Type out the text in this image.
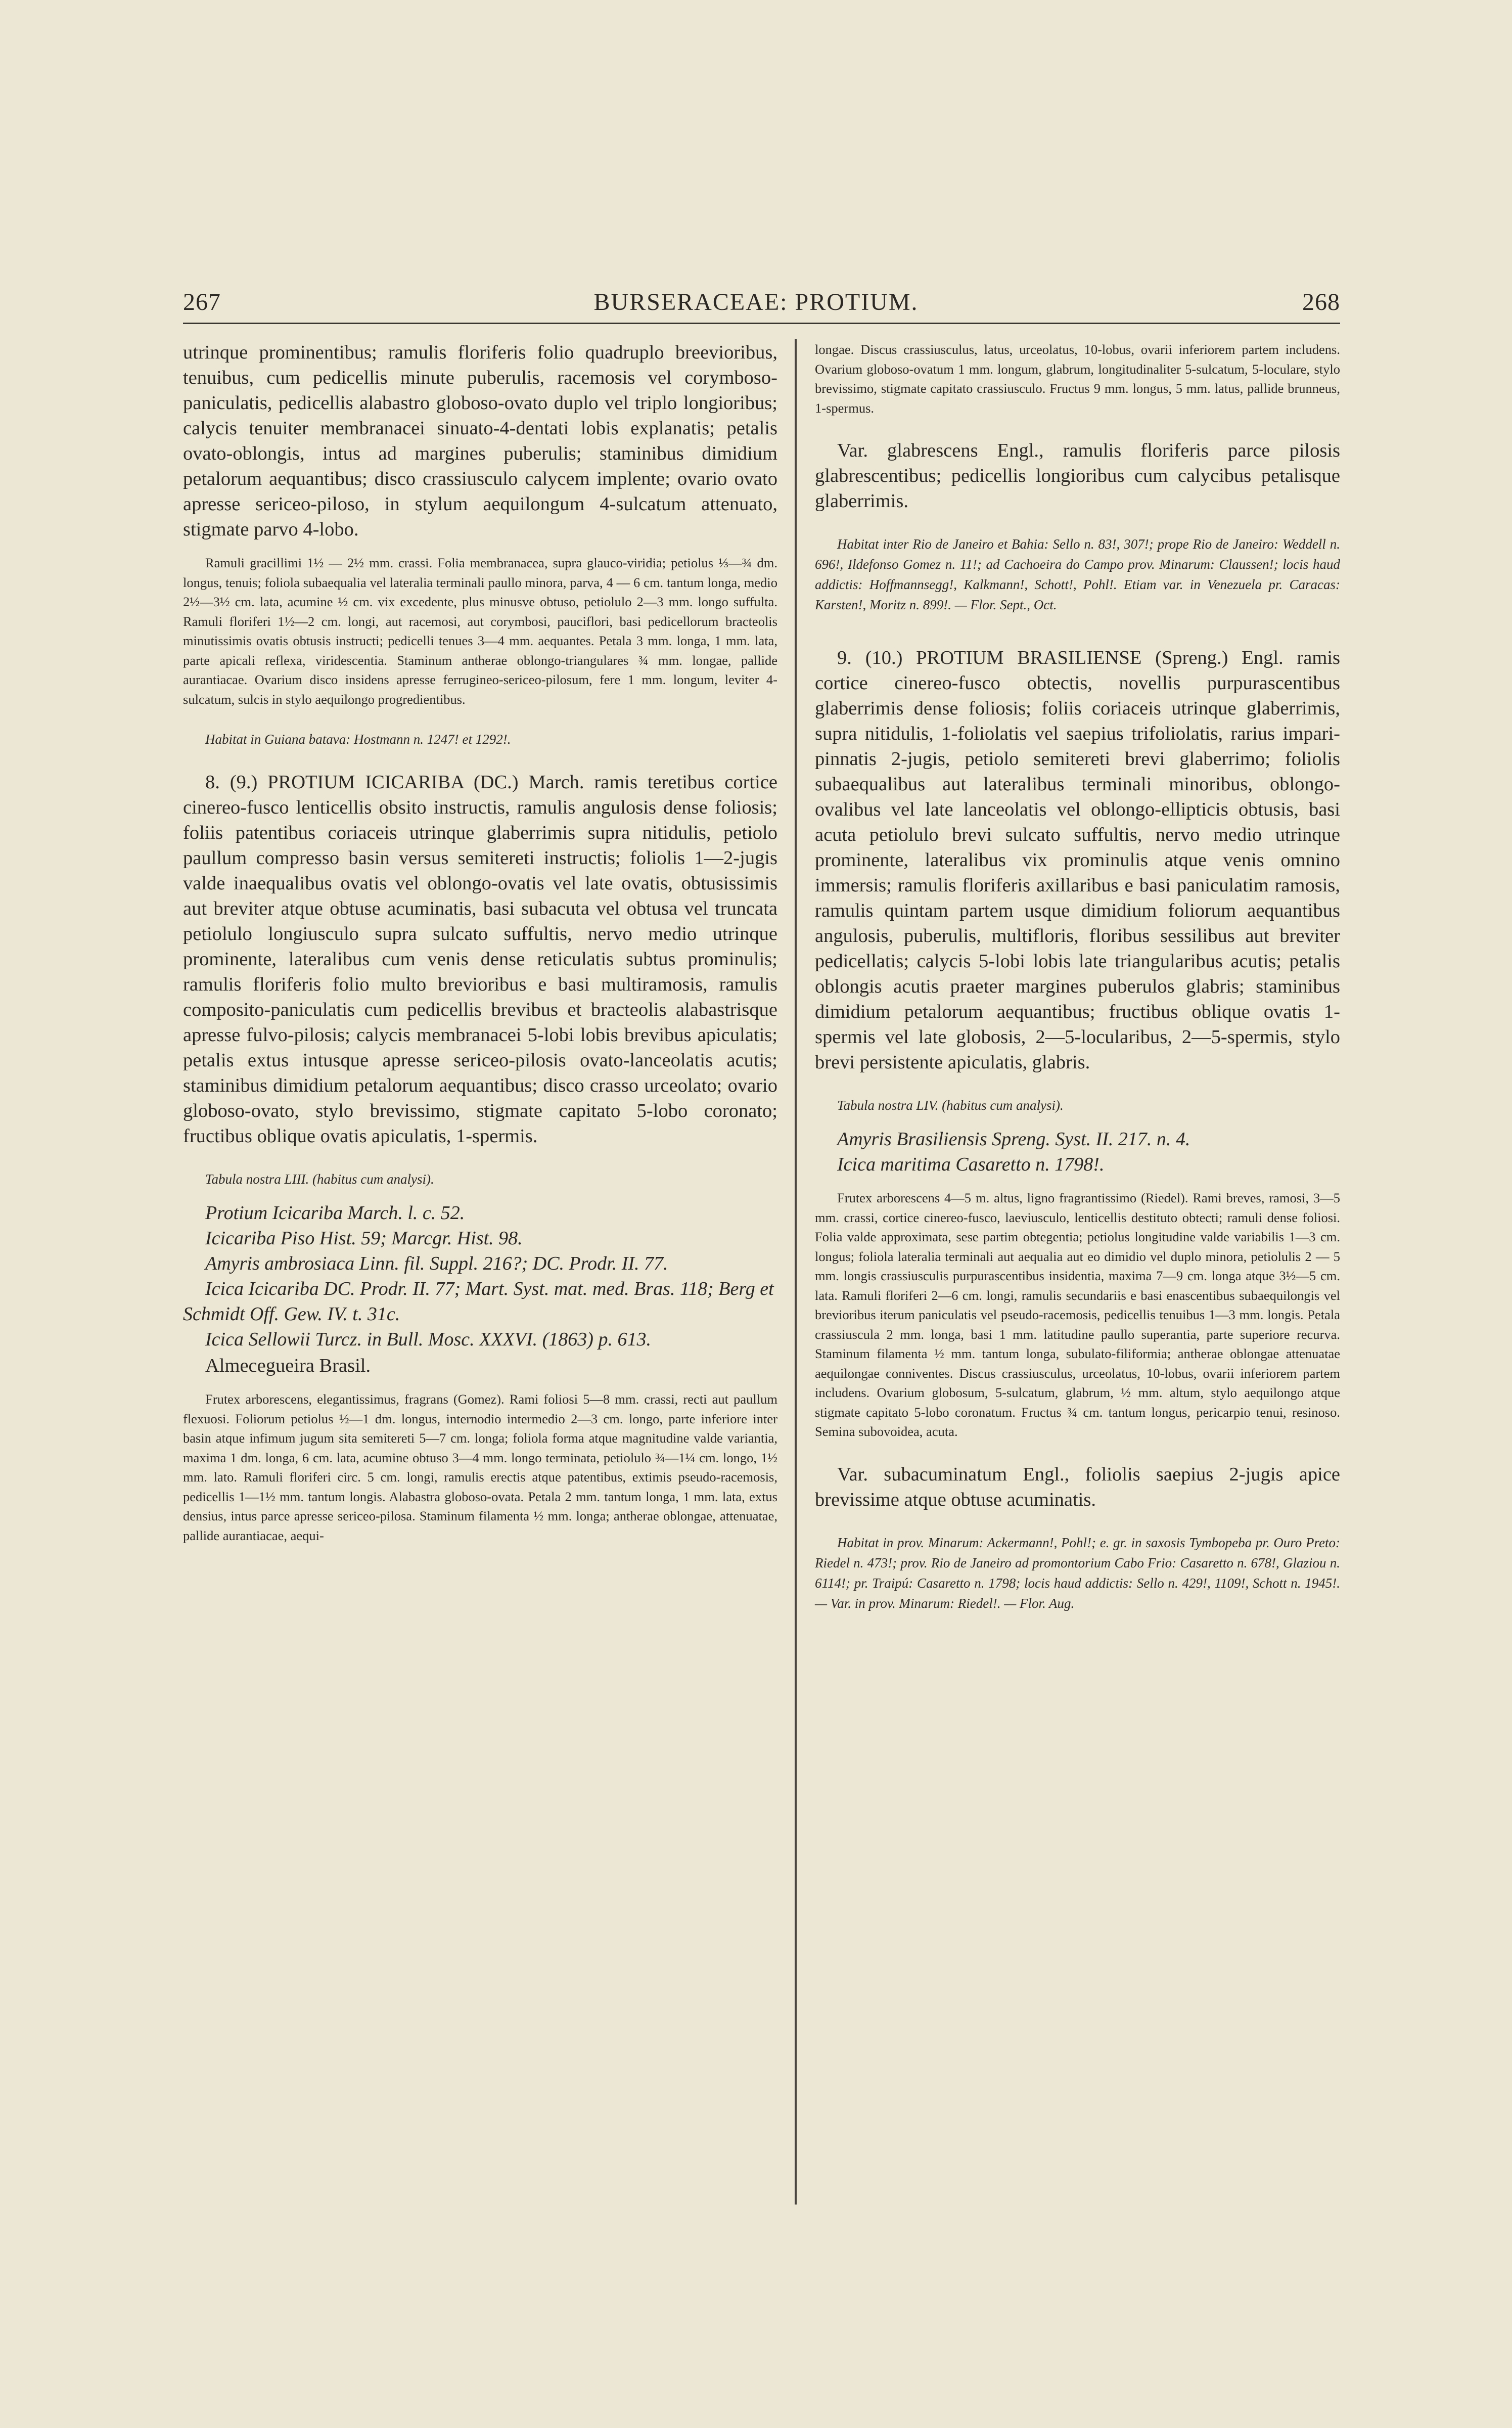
267	BURSERACEAE: PROTIUM.	268

utrinque prominentibus; ramulis floriferis folio quadruplo breevioribus, tenuibus, cum pedicellis minute puberulis, racemosis vel corymboso-paniculatis, pedicellis alabastro globoso-ovato duplo vel triplo longioribus; calycis tenuiter membranacei sinuato-4-dentati lobis explanatis; petalis ovato-oblongis, intus ad margines puberulis; staminibus dimidium petalorum aequantibus; disco crassiusculo calycem implente; ovario ovato apresse sericeo-piloso, in stylum aequilongum 4-sulcatum attenuato, stigmate parvo 4-lobo.

Ramuli gracillimi 1½ — 2½ mm. crassi. Folia membranacea, supra glauco-viridia; petiolus ⅓—¾ dm. longus, tenuis; foliola subaequalia vel lateralia terminali paullo minora, parva, 4 — 6 cm. tantum longa, medio 2½—3½ cm. lata, acumine ½ cm. vix excedente, plus minusve obtuso, petiolulo 2—3 mm. longo suffulta. Ramuli floriferi 1½—2 cm. longi, aut racemosi, aut corymbosi, pauciflori, basi pedicellorum bracteolis minutissimis ovatis obtusis instructi; pedicelli tenues 3—4 mm. aequantes. Petala 3 mm. longa, 1 mm. lata, parte apicali reflexa, viridescentia. Staminum antherae oblongo-triangulares ¾ mm. longae, pallide aurantiacae. Ovarium disco insidens apresse ferrugineo-sericeo-pilosum, fere 1 mm. longum, leviter 4-sulcatum, sulcis in stylo aequilongo progredientibus.

Habitat in Guiana batava: Hostmann n. 1247! et 1292!.

8. (9.) PROTIUM ICICARIBA (DC.) March. ramis teretibus cortice cinereo-fusco lenticellis obsito instructis, ramulis angulosis dense foliosis; foliis patentibus coriaceis utrinque glaberrimis supra nitidulis, petiolo paullum compresso basin versus semitereti instructis; foliolis 1—2-jugis valde inaequalibus ovatis vel oblongo-ovatis vel late ovatis, obtusissimis aut breviter atque obtuse acuminatis, basi subacuta vel obtusa vel truncata petiolulo longiusculo supra sulcato suffultis, nervo medio utrinque prominente, lateralibus cum venis dense reticulatis subtus prominulis; ramulis floriferis folio multo brevioribus e basi multiramosis, ramulis composito-paniculatis cum pedicellis brevibus et bracteolis alabastrisque apresse fulvo-pilosis; calycis membranacei 5-lobi lobis brevibus apiculatis; petalis extus intusque apresse sericeo-pilosis ovato-lanceolatis acutis; staminibus dimidium petalorum aequantibus; disco crasso urceolato; ovario globoso-ovato, stylo brevissimo, stigmate capitato 5-lobo coronato; fructibus oblique ovatis apiculatis, 1-spermis.

Tabula nostra LIII. (habitus cum analysi).

Protium Icicariba March. l. c. 52.

Icicariba Piso Hist. 59; Marcgr. Hist. 98.

Amyris ambrosiaca Linn. fil. Suppl. 216?; DC. Prodr. II. 77.

Icica Icicariba DC. Prodr. II. 77; Mart. Syst. mat. med. Bras. 118; Berg et Schmidt Off. Gew. IV. t. 31c.

Icica Sellowii Turcz. in Bull. Mosc. XXXVI. (1863) p. 613.

Almecegueira Brasil.

Frutex arborescens, elegantissimus, fragrans (Gomez). Rami foliosi 5—8 mm. crassi, recti aut paullum flexuosi. Foliorum petiolus ½—1 dm. longus, internodio intermedio 2—3 cm. longo, parte inferiore inter basin atque infimum jugum sita semitereti 5—7 cm. longa; foliola forma atque magnitudine valde variantia, maxima 1 dm. longa, 6 cm. lata, acumine obtuso 3—4 mm. longo terminata, petiolulo ¾—1¼ cm. longo, 1½ mm. lato. Ramuli floriferi circ. 5 cm. longi, ramulis erectis atque patentibus, extimis pseudo-racemosis, pedicellis 1—1½ mm. tantum longis. Alabastra globoso-ovata. Petala 2 mm. tantum longa, 1 mm. lata, extus densius, intus parce apresse sericeo-pilosa. Staminum filamenta ½ mm. longa; antherae oblongae, attenuatae, pallide aurantiacae, aequi-

longae. Discus crassiusculus, latus, urceolatus, 10-lobus, ovarii inferiorem partem includens. Ovarium globoso-ovatum 1 mm. longum, glabrum, longitudinaliter 5-sulcatum, 5-loculare, stylo brevissimo, stigmate capitato crassiusculo. Fructus 9 mm. longus, 5 mm. latus, pallide brunneus, 1-spermus.

Var. glabrescens Engl., ramulis floriferis parce pilosis glabrescentibus; pedicellis longioribus cum calycibus petalisque glaberrimis.

Habitat inter Rio de Janeiro et Bahia: Sello n. 83!, 307!; prope Rio de Janeiro: Weddell n. 696!, Ildefonso Gomez n. 11!; ad Cachoeira do Campo prov. Minarum: Claussen!; locis haud addictis: Hoffmannsegg!, Kalkmann!, Schott!, Pohl!. Etiam var. in Venezuela pr. Caracas: Karsten!, Moritz n. 899!. — Flor. Sept., Oct.

9. (10.) PROTIUM BRASILIENSE (Spreng.) Engl. ramis cortice cinereo-fusco obtectis, novellis purpurascentibus glaberrimis dense foliosis; foliis coriaceis utrinque glaberrimis, supra nitidulis, 1-foliolatis vel saepius trifoliolatis, rarius impari-pinnatis 2-jugis, petiolo semitereti brevi glaberrimo; foliolis subaequalibus aut lateralibus terminali minoribus, oblongo-ovalibus vel late lanceolatis vel oblongo-ellipticis obtusis, basi acuta petiolulo brevi sulcato suffultis, nervo medio utrinque prominente, lateralibus vix prominulis atque venis omnino immersis; ramulis floriferis axillaribus e basi paniculatim ramosis, ramulis quintam partem usque dimidium foliorum aequantibus angulosis, puberulis, multifloris, floribus sessilibus aut breviter pedicellatis; calycis 5-lobi lobis late triangularibus acutis; petalis oblongis acutis praeter margines puberulos glabris; staminibus dimidium petalorum aequantibus; fructibus oblique ovatis 1-spermis vel late globosis, 2—5-locularibus, 2—5-spermis, stylo brevi persistente apiculatis, glabris.

Tabula nostra LIV. (habitus cum analysi).

Amyris Brasiliensis Spreng. Syst. II. 217. n. 4.

Icica maritima Casaretto n. 1798!.

Frutex arborescens 4—5 m. altus, ligno fragrantissimo (Riedel). Rami breves, ramosi, 3—5 mm. crassi, cortice cinereo-fusco, laeviusculo, lenticellis destituto obtecti; ramuli dense foliosi. Folia valde approximata, sese partim obtegentia; petiolus longitudine valde variabilis 1—3 cm. longus; foliola lateralia terminali aut aequalia aut eo dimidio vel duplo minora, petiolulis 2 — 5 mm. longis crassiusculis purpurascentibus insidentia, maxima 7—9 cm. longa atque 3½—5 cm. lata. Ramuli floriferi 2—6 cm. longi, ramulis secundariis e basi enascentibus subaequilongis vel brevioribus iterum paniculatis vel pseudo-racemosis, pedicellis tenuibus 1—3 mm. longis. Petala crassiuscula 2 mm. longa, basi 1 mm. latitudine paullo superantia, parte superiore recurva. Staminum filamenta ½ mm. tantum longa, subulato-filiformia; antherae oblongae attenuatae aequilongae conniventes. Discus crassiusculus, urceolatus, 10-lobus, ovarii inferiorem partem includens. Ovarium globosum, 5-sulcatum, glabrum, ½ mm. altum, stylo aequilongo atque stigmate capitato 5-lobo coronatum. Fructus ¾ cm. tantum longus, pericarpio tenui, resinoso. Semina subovoidea, acuta.

Var. subacuminatum Engl., foliolis saepius 2-jugis apice brevissime atque obtuse acuminatis.

Habitat in prov. Minarum: Ackermann!, Pohl!; e. gr. in saxosis Tymbopeba pr. Ouro Preto: Riedel n. 473!; prov. Rio de Janeiro ad promontorium Cabo Frio: Casaretto n. 678!, Glaziou n. 6114!; pr. Traipú: Casaretto n. 1798; locis haud addictis: Sello n. 429!, 1109!, Schott n. 1945!. — Var. in prov. Minarum: Riedel!. — Flor. Aug.
